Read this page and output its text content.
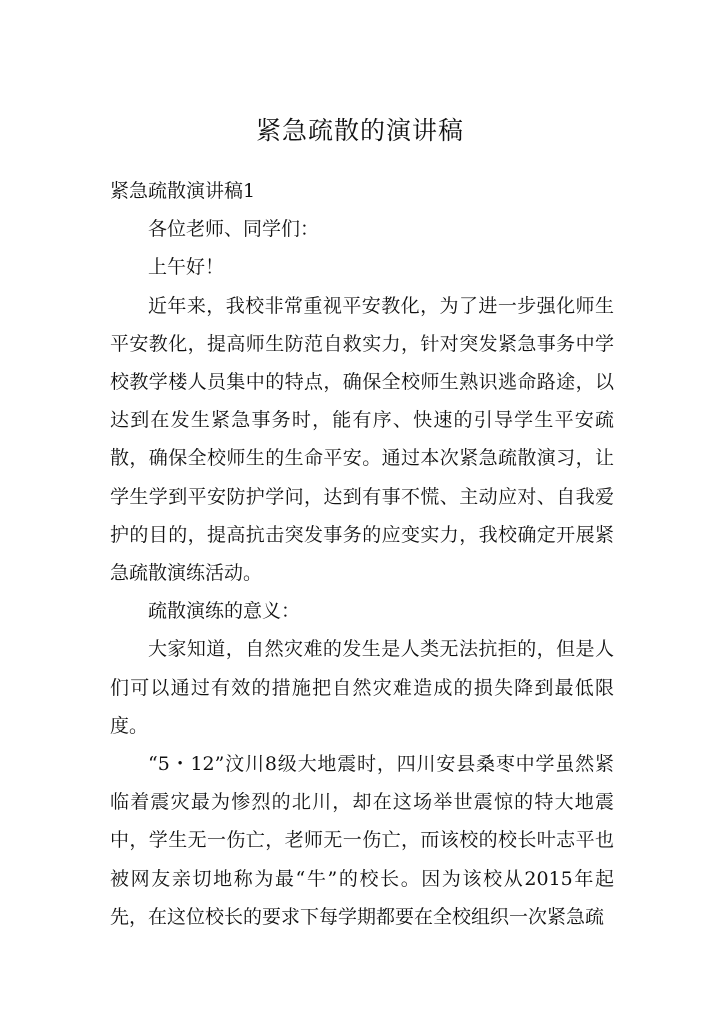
紧急疏散的演讲稿

紧急疏散演讲稿1

各位老师、同学们：

上午好！

近年来，我校非常重视平安教化，为了进一步强化师生平安教化，提高师生防范自救实力，针对突发紧急事务中学校教学楼人员集中的特点，确保全校师生熟识逃命路途，以达到在发生紧急事务时，能有序、快速的引导学生平安疏散，确保全校师生的生命平安。通过本次紧急疏散演习，让学生学到平安防护学问，达到有事不慌、主动应对、自我爱护的目的，提高抗击突发事务的应变实力，我校确定开展紧急疏散演练活动。

疏散演练的意义：

大家知道，自然灾难的发生是人类无法抗拒的，但是人们可以通过有效的措施把自然灾难造成的损失降到最低限度。

“5・12”汶川8级大地震时，四川安县桑枣中学虽然紧临着震灾最为惨烈的北川，却在这场举世震惊的特大地震中，学生无一伤亡，老师无一伤亡，而该校的校长叶志平也被网友亲切地称为最“牛”的校长。因为该校从2015年起先，在这位校长的要求下每学期都要在全校组织一次紧急疏
